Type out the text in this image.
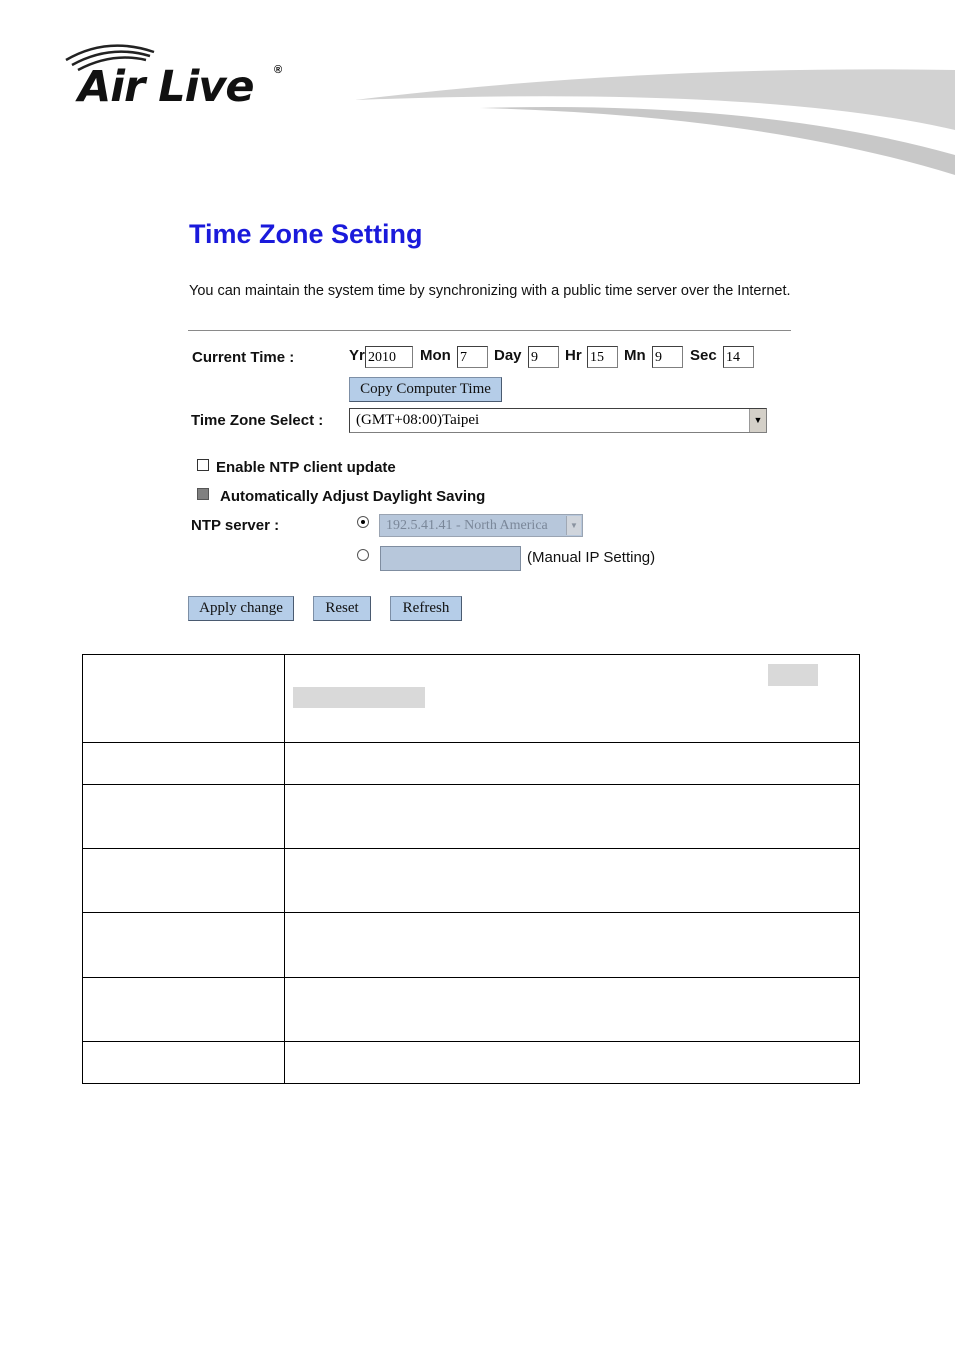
Air Live ®
Time Zone Setting
You can maintain the system time by synchronizing with a public time server over the Internet.
Current Time :	Yr 2010	Mon 7	Day 9	Hr 15	Mn 9	Sec 14
Copy Computer Time
Time Zone Select :	(GMT+08:00)Taipei	▼
Enable NTP client update
Automatically Adjust Daylight Saving
NTP server :	192.5.41.41 - North America	▼
(Manual IP Setting)
Apply change	Reset	Refresh
